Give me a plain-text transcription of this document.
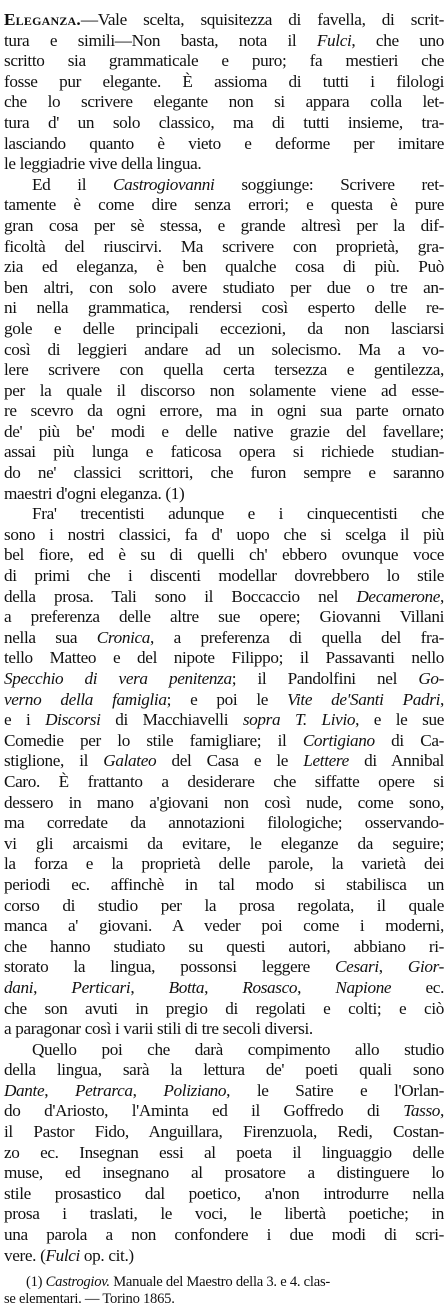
Eleganza.—Vale scelta, squisitezza di favella, di scrit-

tura e simili—Non basta, nota il Fulci, che uno

scritto sia grammaticale e puro; fa mestieri che

fosse pur elegante. È assioma di tutti i filologi

che lo scrivere elegante non si appara colla let-

tura d' un solo classico, ma di tutti insieme, tra-

lasciando quanto è vieto e deforme per imitare

le leggiadrie vive della lingua.

Ed il Castrogiovanni soggiunge: Scrivere ret-

tamente è come dire senza errori; e questa è pure

gran cosa per sè stessa, e grande altresì per la dif-

ficoltà del riuscirvi. Ma scrivere con proprietà, gra-

zia ed eleganza, è ben qualche cosa di più. Può

ben altri, con solo avere studiato per due o tre an-

ni nella grammatica, rendersi così esperto delle re-

gole e delle principali eccezioni, da non lasciarsi

così di leggieri andare ad un solecismo. Ma a vo-

lere scrivere con quella certa tersezza e gentilezza,

per la quale il discorso non solamente viene ad esse-

re scevro da ogni errore, ma in ogni sua parte ornato

de' più be' modi e delle native grazie del favellare;

assai più lunga e faticosa opera si richiede studian-

do ne' classici scrittori, che furon sempre e saranno

maestri d'ogni eleganza. (1)

Fra' trecentisti adunque e i cinquecentisti che

sono i nostri classici, fa d' uopo che si scelga il più

bel fiore, ed è su di quelli ch' ebbero ovunque voce

di primi che i discenti modellar dovrebbero lo stile

della prosa. Tali sono il Boccaccio nel Decamerone,

a preferenza delle altre sue opere; Giovanni Villani

nella sua Cronica, a preferenza di quella del fra-

tello Matteo e del nipote Filippo; il Passavanti nello

Specchio di vera penitenza; il Pandolfini nel Go-

verno della famiglia; e poi le Vite de'Santi Padri,

e i Discorsi di Macchiavelli sopra T. Livio, e le sue

Comedie per lo stile famigliare; il Cortigiano di Ca-

stiglione, il Galateo del Casa e le Lettere di Annibal

Caro. È frattanto a desiderare che siffatte opere si

dessero in mano a'giovani non così nude, come sono,

ma corredate da annotazioni filologiche; osservando-

vi gli arcaismi da evitare, le eleganze da seguire;

la forza e la proprietà delle parole, la varietà dei

periodi ec. affinchè in tal modo si stabilisca un

corso di studio per la prosa regolata, il quale

manca a' giovani. A veder poi come i moderni,

che hanno studiato su questi autori, abbiano ri-

storato la lingua, possonsi leggere Cesari, Gior-

dani, Perticari, Botta, Rosasco, Napione ec.

che son avuti in pregio di regolati e colti; e ciò

a paragonar così i varii stili di tre secoli diversi.

Quello poi che darà compimento allo studio

della lingua, sarà la lettura de' poeti quali sono

Dante, Petrarca, Poliziano, le Satire e l'Orlan-

do d'Ariosto, l'Aminta ed il Goffredo di Tasso,

il Pastor Fido, Anguillara, Firenzuola, Redi, Costan-

zo ec. Insegnan essi al poeta il linguaggio delle

muse, ed insegnano al prosatore a distinguere lo

stile prosastico dal poetico, a'non introdurre nella

prosa i traslati, le voci, le libertà poetiche; in

una parola a non confondere i due modi di scri-

vere. (Fulci op. cit.)

(1) Castrogiov. Manuale del Maestro della 3. e 4. clas-

se elementari. — Torino 1865.
